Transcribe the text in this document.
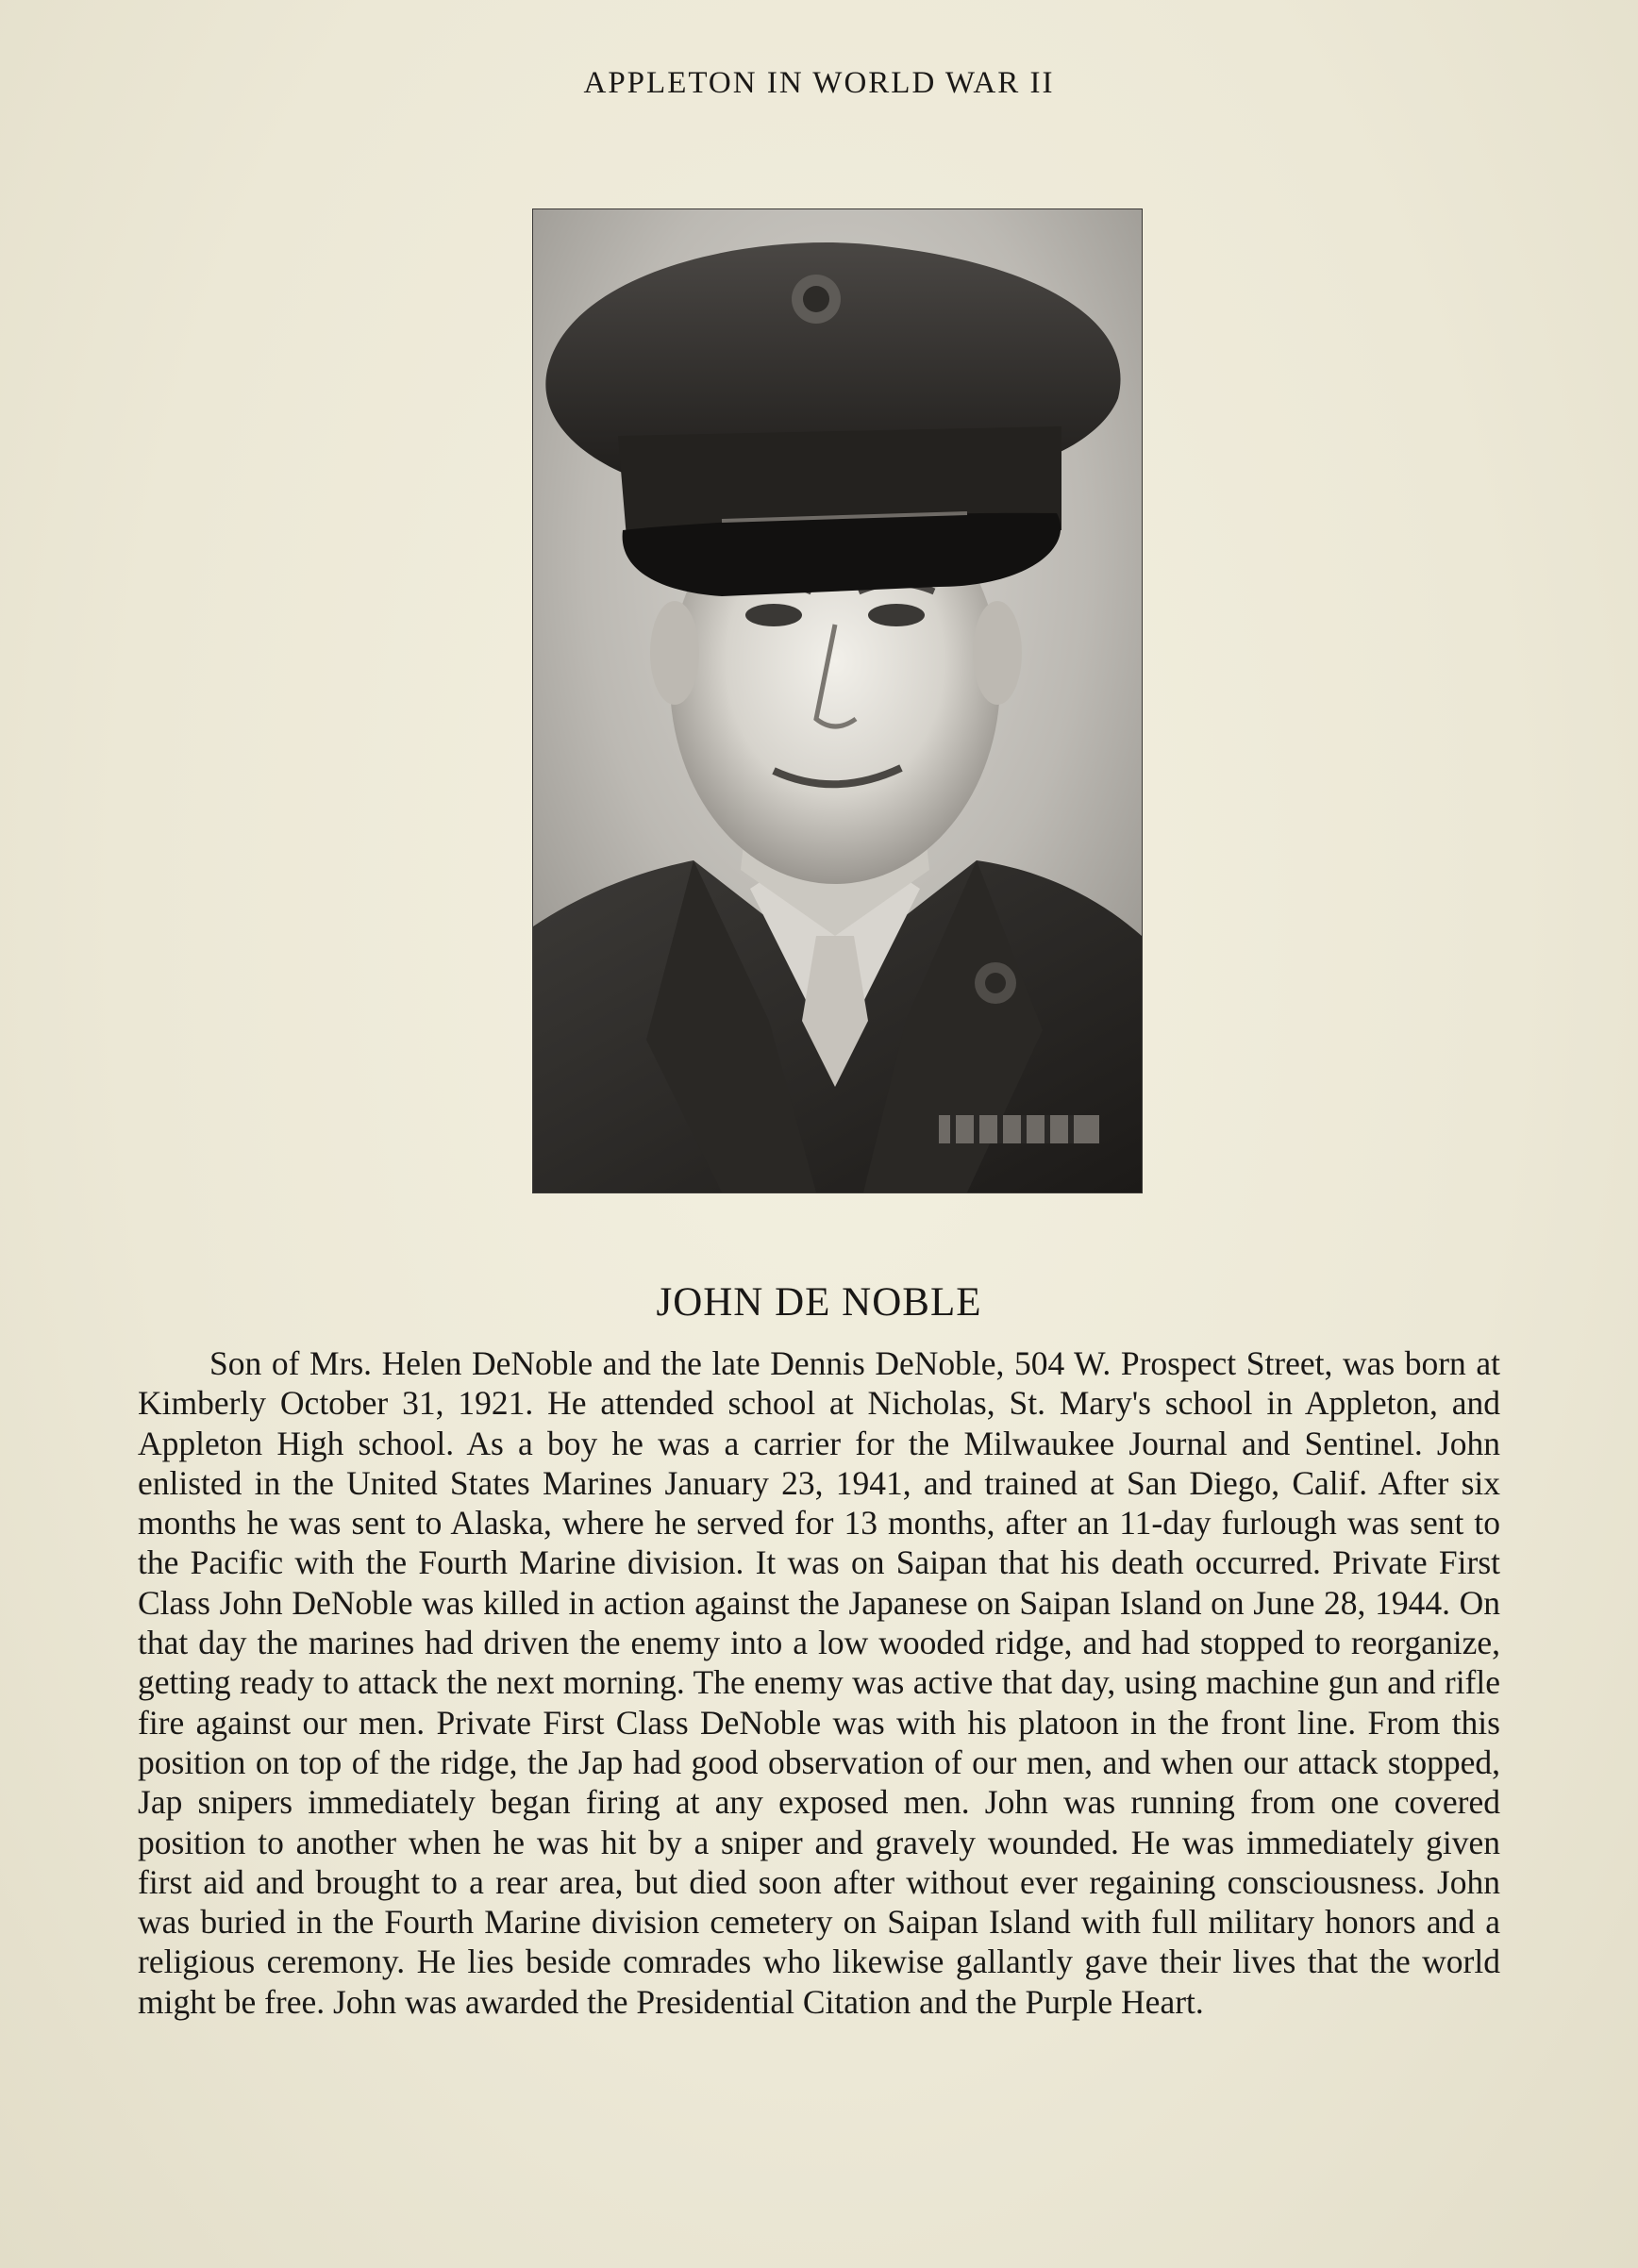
APPLETON IN WORLD WAR II
JOHN DE NOBLE

Son of Mrs. Helen DeNoble and the late Dennis DeNoble, 504 W. Prospect Street, was born at Kimberly October 31, 1921. He attended school at Nicholas, St. Mary's school in Appleton, and Appleton High school. As a boy he was a carrier for the Milwaukee Journal and Sentinel. John enlisted in the United States Marines January 23, 1941, and trained at San Diego, Calif. After six months he was sent to Alaska, where he served for 13 months, after an 11-day furlough was sent to the Pacific with the Fourth Marine division. It was on Saipan that his death occurred. Private First Class John DeNoble was killed in action against the Japanese on Saipan Island on June 28, 1944. On that day the marines had driven the enemy into a low wooded ridge, and had stopped to reorganize, getting ready to attack the next morning. The enemy was active that day, using machine gun and rifle fire against our men. Private First Class DeNoble was with his platoon in the front line. From this position on top of the ridge, the Jap had good observation of our men, and when our attack stopped, Jap snipers immediately began firing at any exposed men. John was running from one covered position to another when he was hit by a sniper and gravely wounded. He was immediately given first aid and brought to a rear area, but died soon after without ever regaining consciousness. John was buried in the Fourth Marine division cemetery on Saipan Island with full military honors and a religious ceremony. He lies beside comrades who likewise gallantly gave their lives that the world might be free. John was awarded the Presidential Citation and the Purple Heart.
